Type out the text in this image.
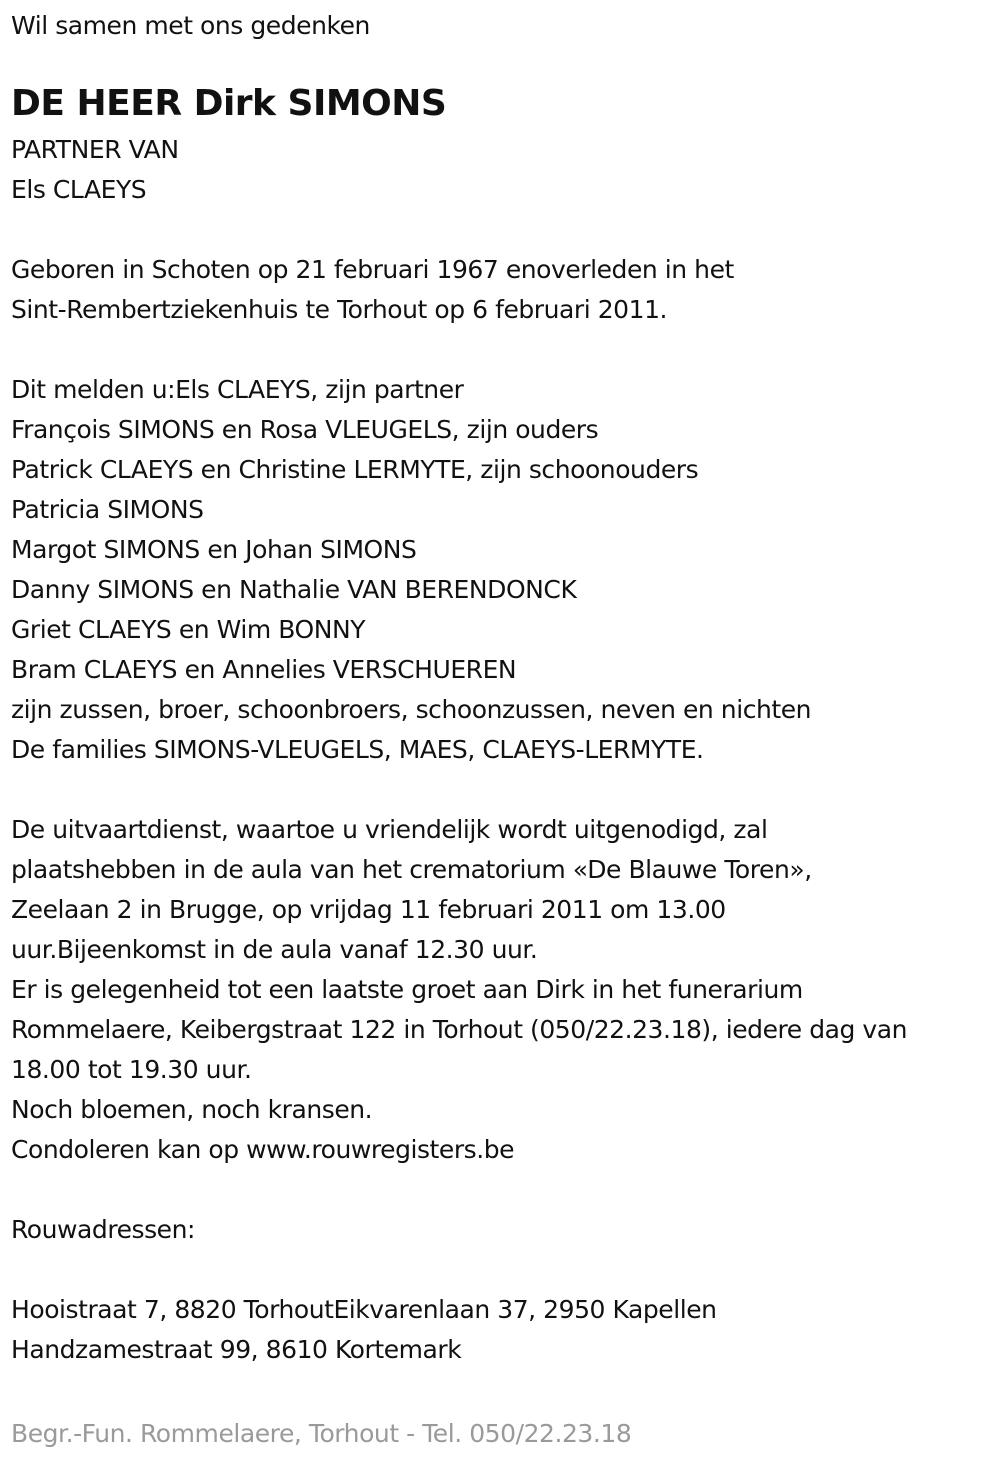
Wil samen met ons gedenken
DE HEER Dirk SIMONS
PARTNER VAN
Els CLAEYS
Geboren in Schoten op 21 februari 1967 enoverleden in het
Sint-Rembertziekenhuis te Torhout op 6 februari 2011.
Dit melden u:Els CLAEYS, zijn partner
François SIMONS en Rosa VLEUGELS, zijn ouders
Patrick CLAEYS en Christine LERMYTE, zijn schoonouders
Patricia SIMONS
Margot SIMONS en Johan SIMONS
Danny SIMONS en Nathalie VAN BERENDONCK
Griet CLAEYS en Wim BONNY
Bram CLAEYS en Annelies VERSCHUEREN
zijn zussen, broer, schoonbroers, schoonzussen, neven en nichten
De families SIMONS-VLEUGELS, MAES, CLAEYS-LERMYTE.
De uitvaartdienst, waartoe u vriendelijk wordt uitgenodigd, zal
plaatshebben in de aula van het crematorium «De Blauwe Toren»,
Zeelaan 2 in Brugge, op vrijdag 11 februari 2011 om 13.00
uur.Bijeenkomst in de aula vanaf 12.30 uur.
Er is gelegenheid tot een laatste groet aan Dirk in het funerarium
Rommelaere, Keibergstraat 122 in Torhout (050/22.23.18), iedere dag van
18.00 tot 19.30 uur.
Noch bloemen, noch kransen.
Condoleren kan op www.rouwregisters.be
Rouwadressen:
Hooistraat 7, 8820 TorhoutEikvarenlaan 37, 2950 Kapellen
Handzamestraat 99, 8610 Kortemark
Begr.-Fun. Rommelaere, Torhout - Tel. 050/22.23.18
